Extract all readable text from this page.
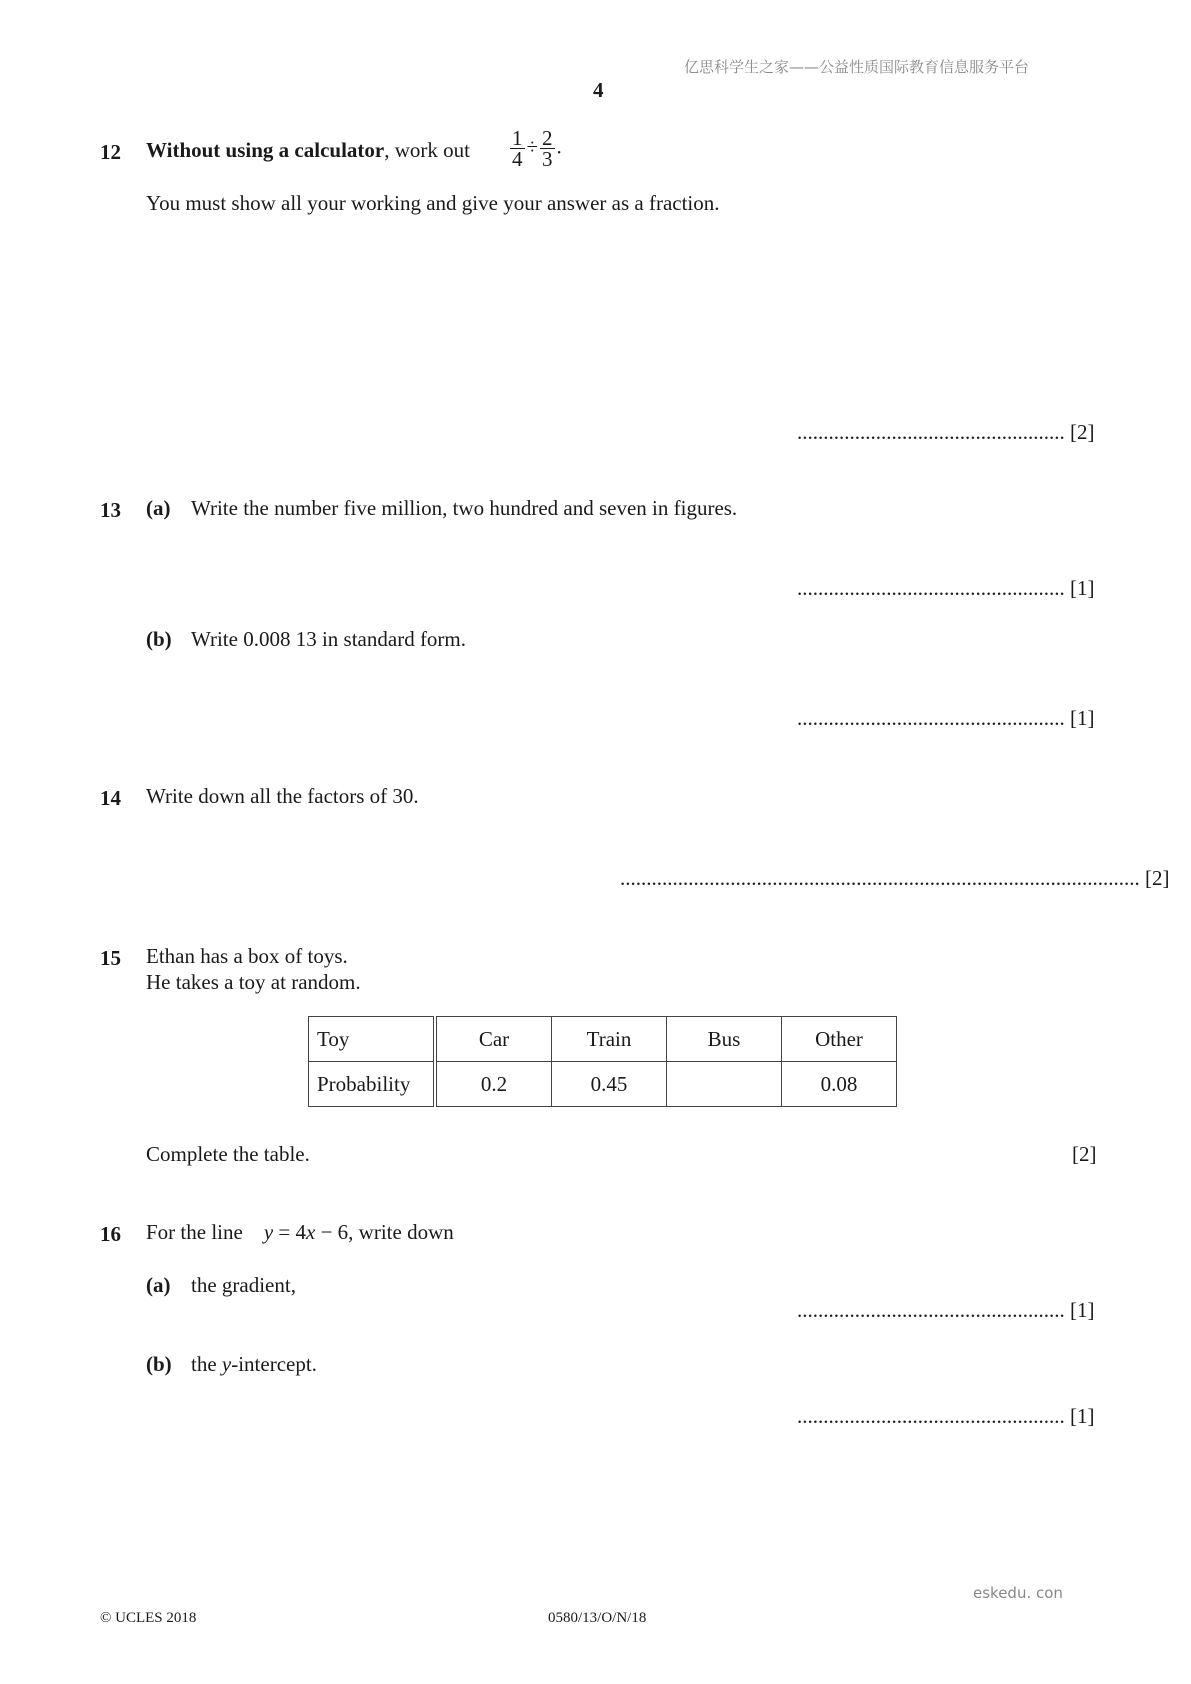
亿思科学生之家——公益性质国际教育信息服务平台
4
12 Without using a calculator, work out $\frac{1}{4} \div \frac{2}{3}$ .
You must show all your working and give your answer as a fraction.
................................................... [2]
13 (a) Write the number five million, two hundred and seven in figures.
................................................... [1]
(b) Write 0.008 13 in standard form.
................................................... [1]
14 Write down all the factors of 30.
................................................................................................... [2]
15 Ethan has a box of toys.
He takes a toy at random.
Toy	Car	Train	Bus	Other
Probability	0.2	0.45		0.08
Complete the table.	[2]
16 For the line y = 4x − 6, write down
(a) the gradient,
................................................... [1]
(b) the y-intercept.
................................................... [1]
eskedu. con
© UCLES 2018	0580/13/O/N/18
